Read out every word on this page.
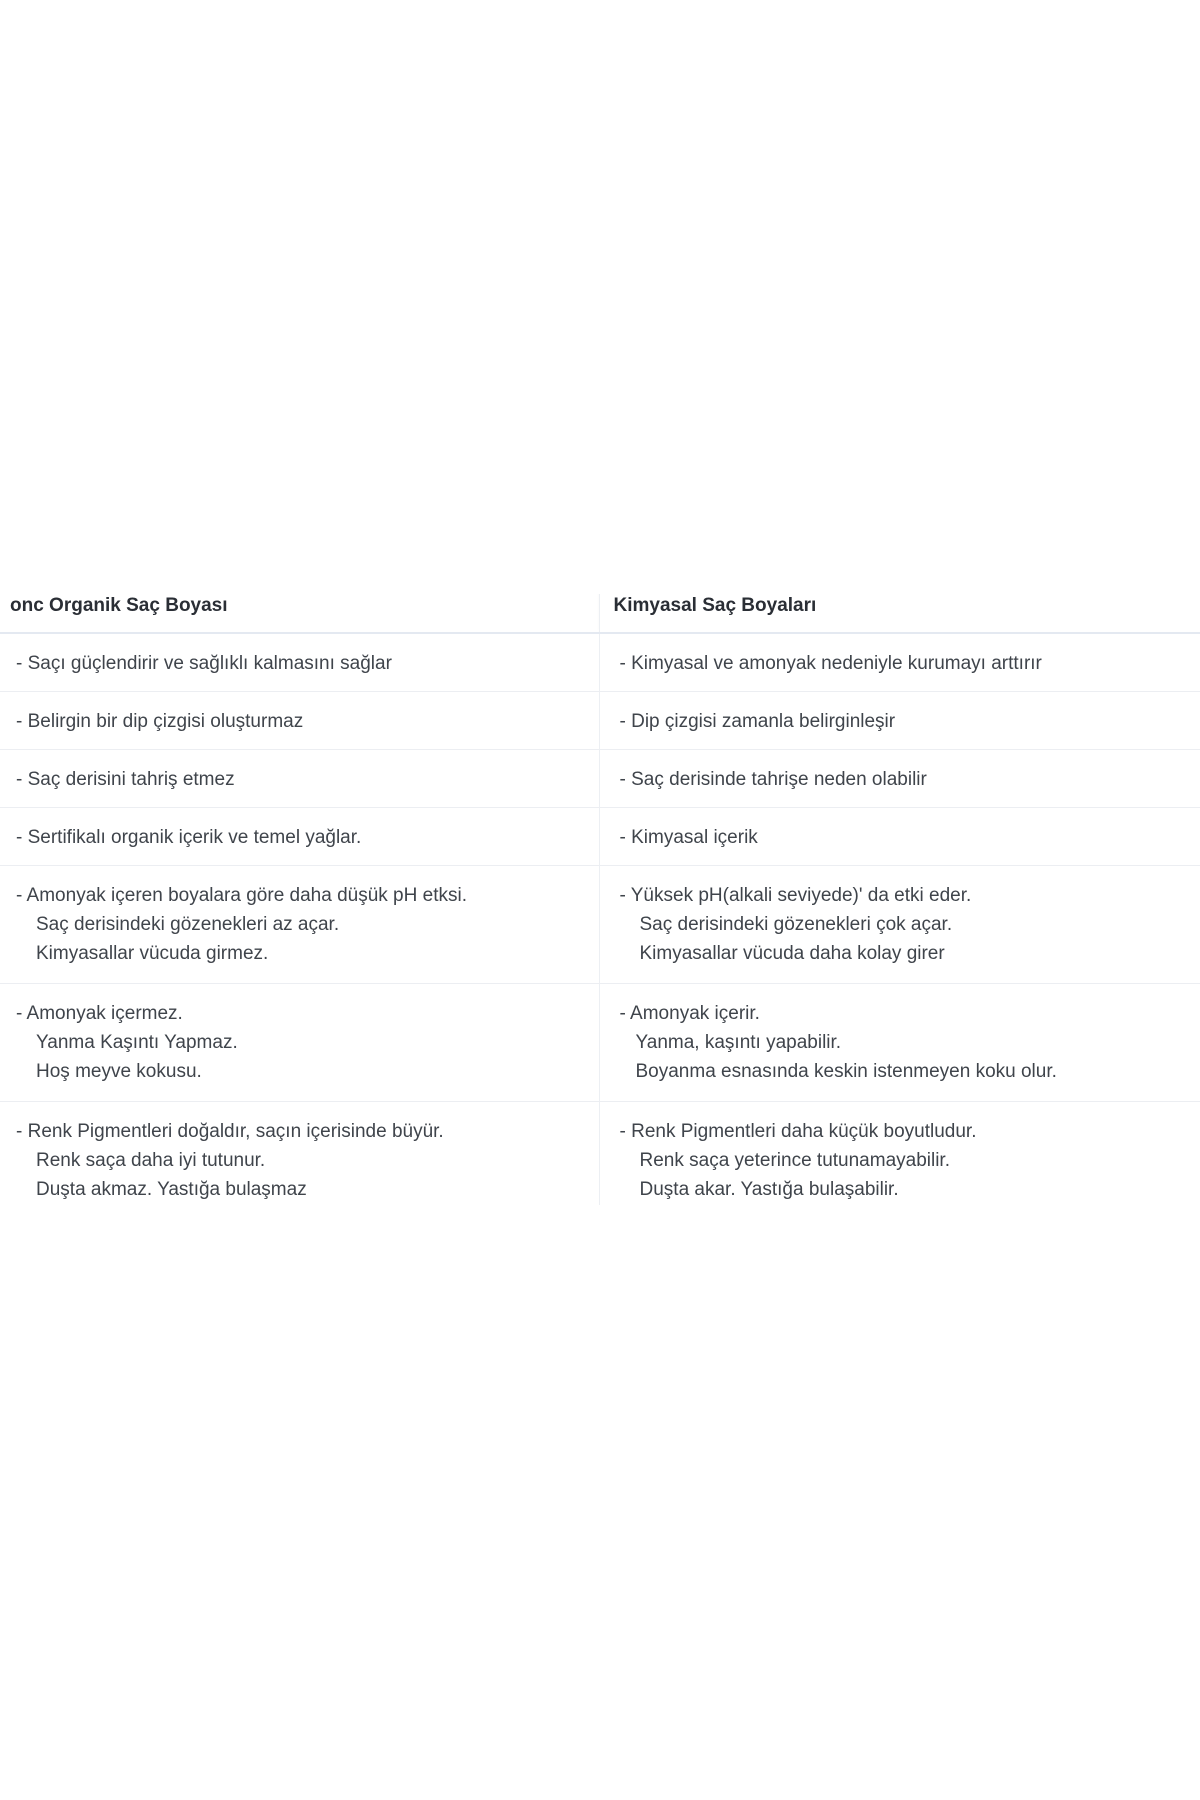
onc Organik Saç Boyası	Kimyasal Saç Boyaları

- Saçı güçlendirir ve sağlıklı kalmasını sağlar	- Kimyasal ve amonyak nedeniyle kurumayı arttırır

- Belirgin bir dip çizgisi oluşturmaz	- Dip çizgisi zamanla belirginleşir

- Saç derisini tahriş etmez	- Saç derisinde tahrişe neden olabilir

- Sertifikalı organik içerik ve temel yağlar.	- Kimyasal içerik

- Amonyak içeren boyalara göre daha düşük pH etksi.
Saç derisindeki gözenekleri az açar.
Kimyasallar vücuda girmez.	- Yüksek pH(alkali seviyede)' da etki eder.
Saç derisindeki gözenekleri çok açar.
Kimyasallar vücuda daha kolay girer

- Amonyak içermez.
Yanma Kaşıntı Yapmaz.
Hoş meyve kokusu.	- Amonyak içerir.
Yanma, kaşıntı yapabilir.
Boyanma esnasında keskin istenmeyen koku olur.

- Renk Pigmentleri doğaldır, saçın içerisinde büyür.
Renk saça daha iyi tutunur.
Duşta akmaz. Yastığa bulaşmaz	- Renk Pigmentleri daha küçük boyutludur.
Renk saça yeterince tutunamayabilir.
Duşta akar. Yastığa bulaşabilir.
